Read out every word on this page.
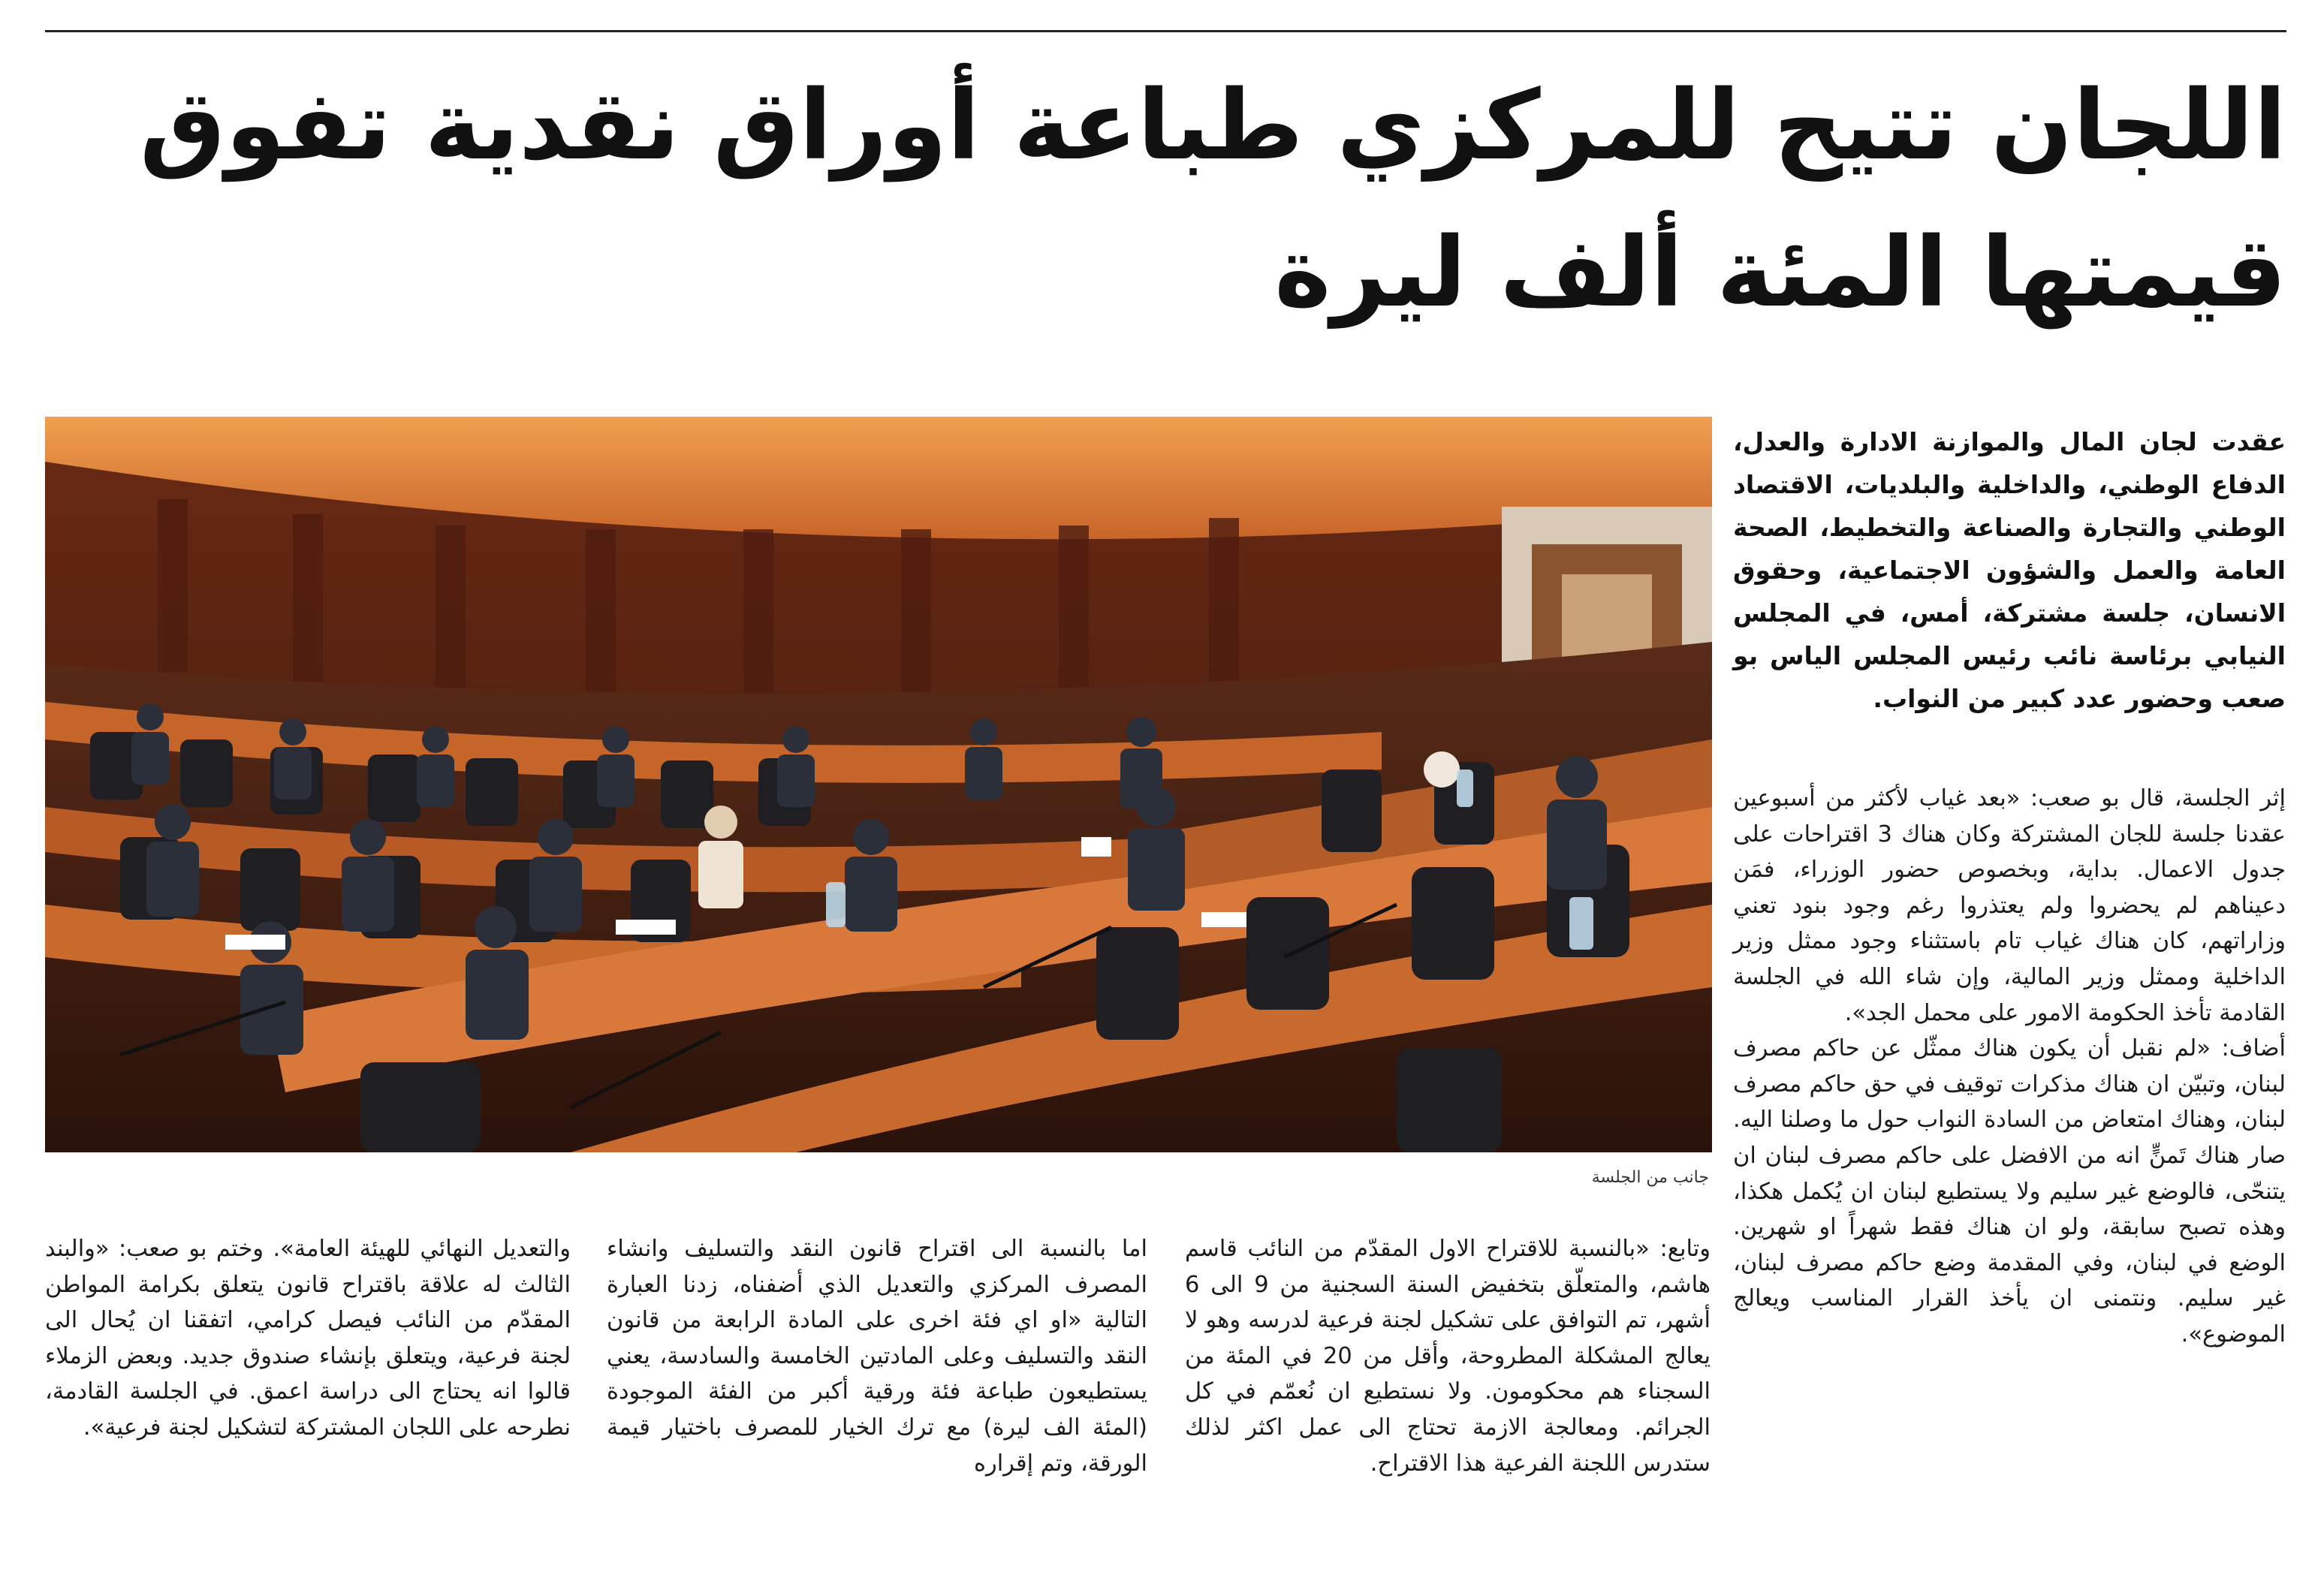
اللجان تتيح للمركزي طباعة أوراق نقدية تفوق
قيمتها المئة ألف ليرة
جانب من الجلسة
عقدت لجان المال والموازنة الادارة والعدل، الدفاع الوطني، والداخلية والبلديات، الاقتصاد الوطني والتجارة والصناعة والتخطيط، الصحة العامة والعمل والشؤون الاجتماعية، وحقوق الانسان، جلسة مشتركة، أمس، في المجلس النيابي برئاسة نائب رئيس المجلس الياس بو صعب وحضور عدد كبير من النواب.

إثر الجلسة، قال بو صعب: «بعد غياب لأكثر من أسبوعين عقدنا جلسة للجان المشتركة وكان هناك 3 اقتراحات على جدول الاعمال. بداية، وبخصوص حضور الوزراء، فمَن دعيناهم لم يحضروا ولم يعتذروا رغم وجود بنود تعني وزاراتهم، كان هناك غياب تام باستثناء وجود ممثل وزير الداخلية وممثل وزير المالية، وإن شاء الله في الجلسة القادمة تأخذ الحكومة الامور على محمل الجد».

أضاف: «لم نقبل أن يكون هناك ممثّل عن حاكم مصرف لبنان، وتبيّن ان هناك مذكرات توقيف في حق حاكم مصرف لبنان، وهناك امتعاض من السادة النواب حول ما وصلنا اليه. صار هناك تَمنٍّ انه من الافضل على حاكم مصرف لبنان ان يتنحّى، فالوضع غير سليم ولا يستطيع لبنان ان يُكمل هكذا، وهذه تصبح سابقة، ولو ان هناك فقط شهراً او شهرين. الوضع في لبنان، وفي المقدمة وضع حاكم مصرف لبنان، غير سليم. ونتمنى ان يأخذ القرار المناسب ويعالج الموضوع».

وتابع: «بالنسبة للاقتراح الاول المقدّم من النائب قاسم هاشم، والمتعلّق بتخفيض السنة السجنية من 9 الى 6 أشهر، تم التوافق على تشكيل لجنة فرعية لدرسه وهو لا يعالج المشكلة المطروحة، وأقل من 20 في المئة من السجناء هم محكومون. ولا نستطيع ان نُعمّم في كل الجرائم. ومعالجة الازمة تحتاج الى عمل اكثر لذلك ستدرس اللجنة الفرعية هذا الاقتراح.

اما بالنسبة الى اقتراح قانون النقد والتسليف وانشاء المصرف المركزي والتعديل الذي أضفناه، زدنا العبارة التالية «او اي فئة اخرى على المادة الرابعة من قانون النقد والتسليف وعلى المادتين الخامسة والسادسة، يعني يستطيعون طباعة فئة ورقية أكبر من الفئة الموجودة (المئة الف ليرة) مع ترك الخيار للمصرف باختيار قيمة الورقة، وتم إقراره

والتعديل النهائي للهيئة العامة». وختم بو صعب: «والبند الثالث له علاقة باقتراح قانون يتعلق بكرامة المواطن المقدّم من النائب فيصل كرامي، اتفقنا ان يُحال الى لجنة فرعية، ويتعلق بإنشاء صندوق جديد. وبعض الزملاء قالوا انه يحتاج الى دراسة اعمق. في الجلسة القادمة، نطرحه على اللجان المشتركة لتشكيل لجنة فرعية».
